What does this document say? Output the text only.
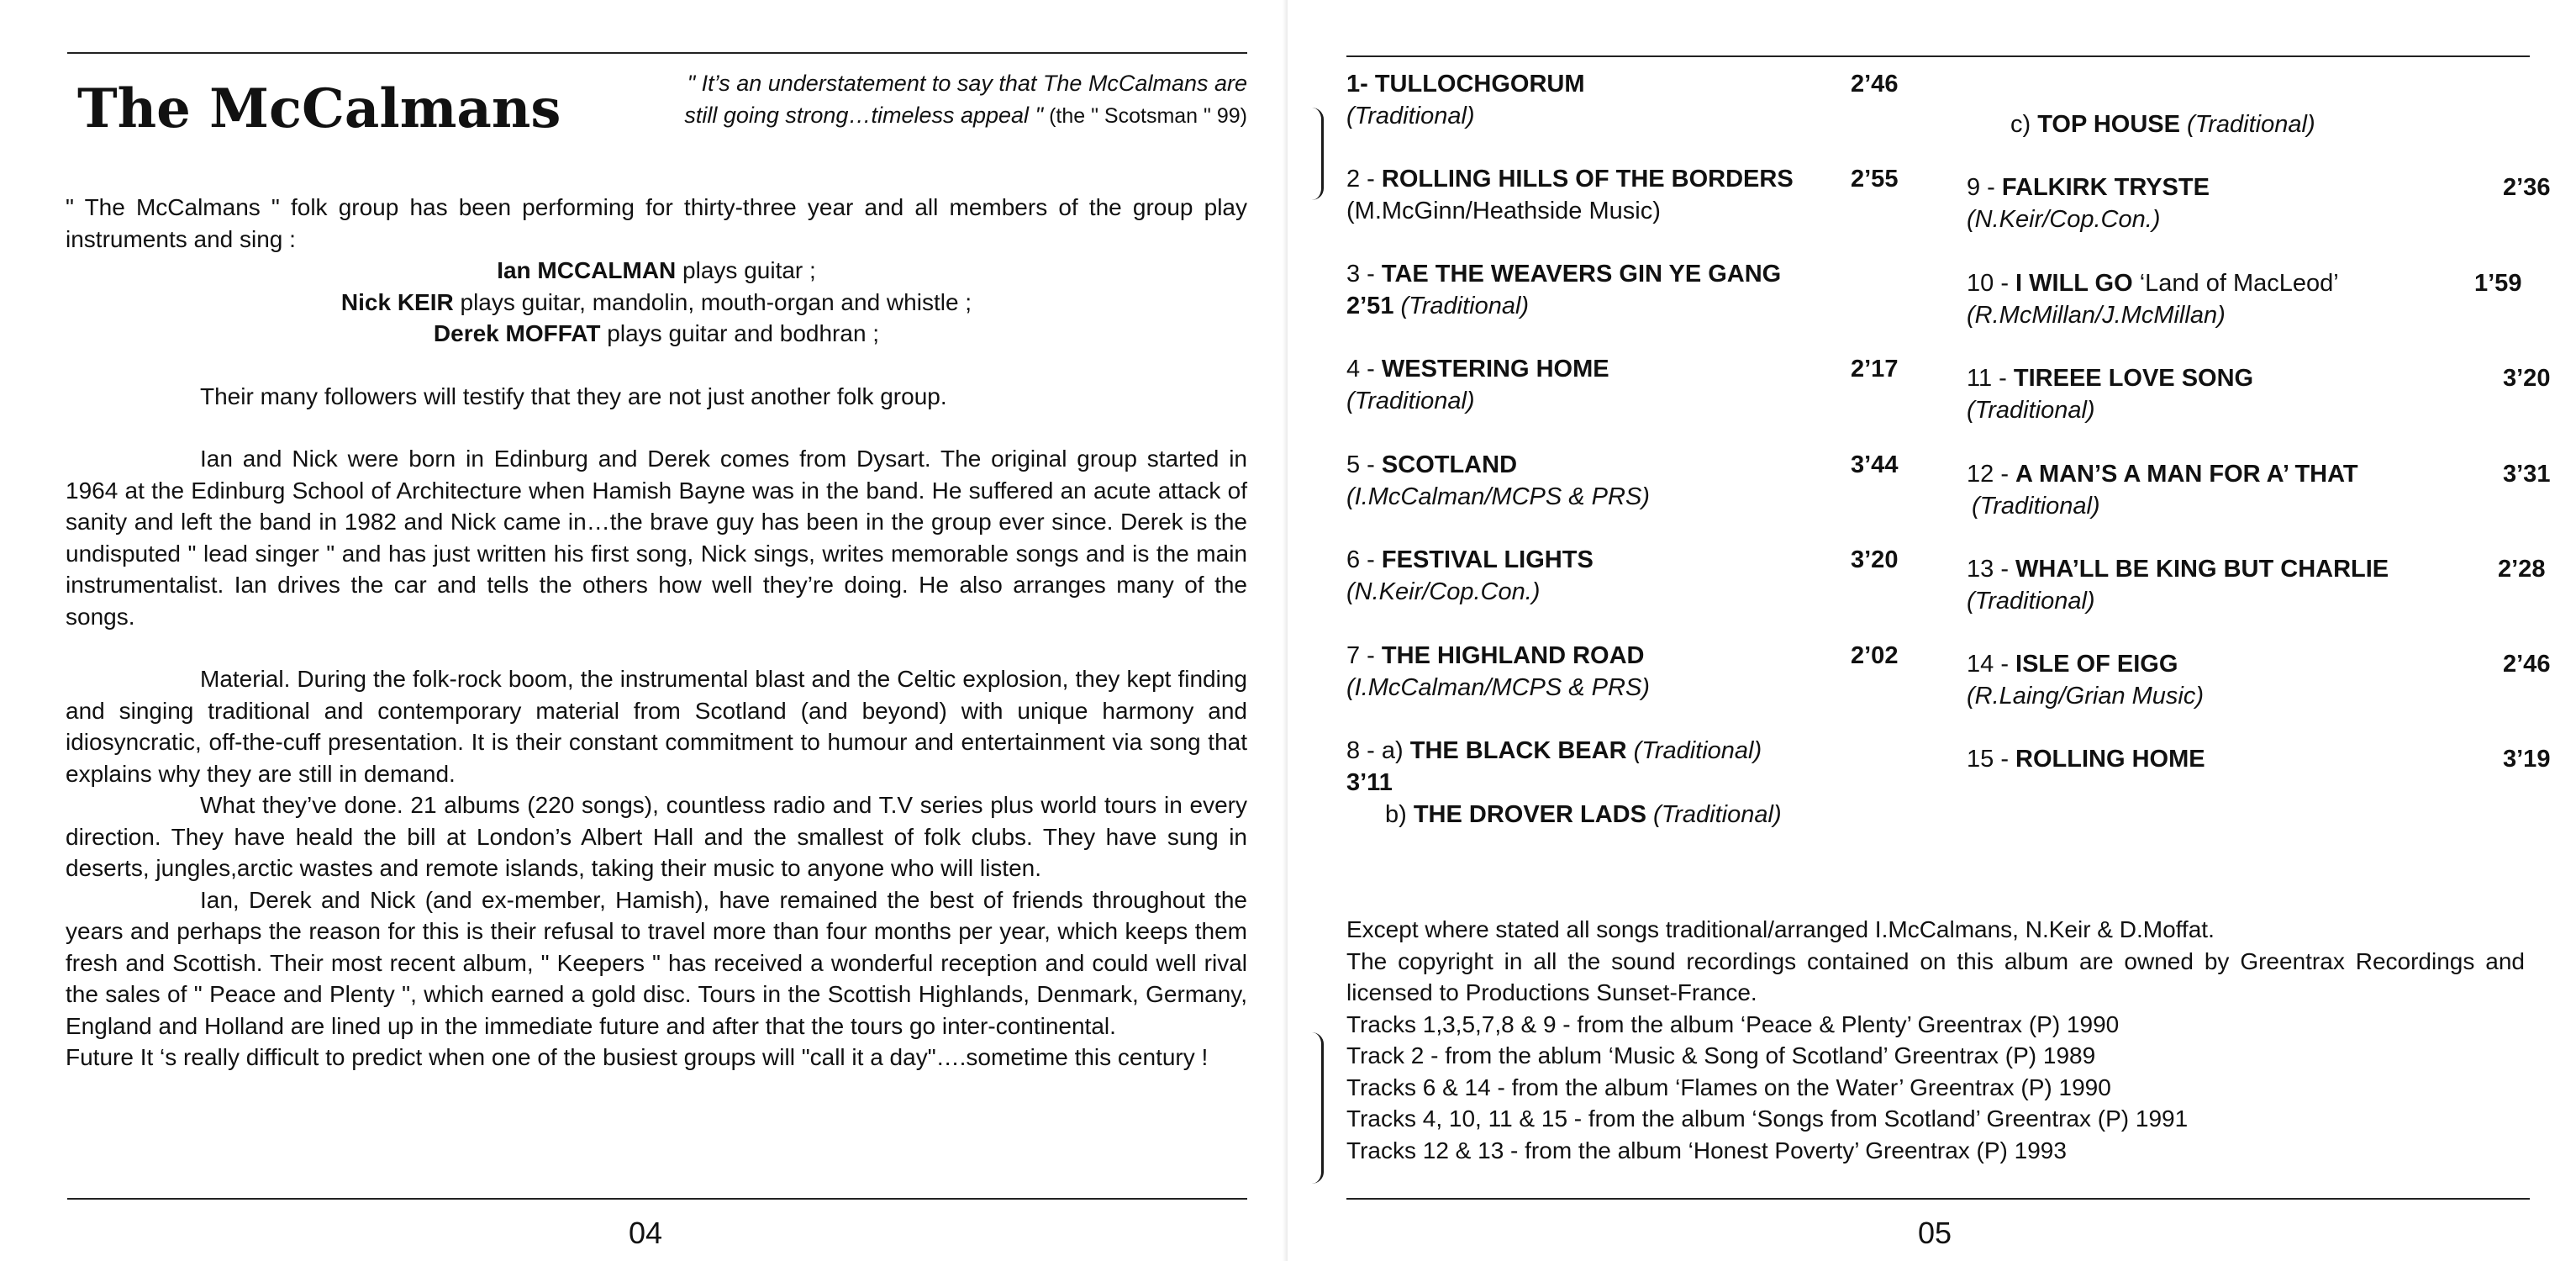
The McCalmans	" It’s an understatement to say that The McCalmans are
still going strong…timeless appeal " (the " Scotsman " 99)

" The McCalmans " folk group has been performing for thirty-three year and all members of the group play instruments and sing :

Ian MCCALMAN plays guitar ;
Nick KEIR plays guitar, mandolin, mouth-organ and whistle ;
Derek MOFFAT plays guitar and bodhran ;

Their many followers will testify that they are not just another folk group.

Ian and Nick were born in Edinburg and Derek comes from Dysart. The original group started in 1964 at the Edinburg School of Architecture when Hamish Bayne was in the band. He suffered an acute attack of sanity and left the band in 1982 and Nick came in…the brave guy has been in the group ever since. Derek is the undisputed " lead singer " and has just written his first song, Nick sings, writes memorable songs and is the main instrumentalist. Ian drives the car and tells the others how well they’re doing. He also arranges many of the songs.

Material. During the folk-rock boom, the instrumental blast and the Celtic explosion, they kept finding and singing traditional and contemporary material from Scotland (and beyond) with unique harmony and idiosyncratic, off-the-cuff presentation. It is their constant commitment to humour and entertainment via song that explains why they are still in demand.

What they’ve done. 21 albums (220 songs), countless radio and T.V series plus world tours in every direction. They have heald the bill at London’s Albert Hall and the smallest of folk clubs. They have sung in deserts, jungles,arctic wastes and remote islands, taking their music to anyone who will listen.

Ian, Derek and Nick (and ex-member, Hamish), have remained the best of friends throughout the years and perhaps the reason for this is their refusal to travel more than four months per year, which keeps them fresh and Scottish. Their most recent album, " Keepers " has received a wonderful reception and could well rival the sales of " Peace and Plenty ", which earned a gold disc. Tours in the Scottish Highlands, Denmark, Germany, England and Holland are lined up in the immediate future and after that the tours go inter-continental.

Future It ‘s really difficult to predict when one of the busiest groups will "call it a day"….sometime this century !

04
1- TULLOCHGORUM
(Traditional)
2’46
2 - ROLLING HILLS OF THE BORDERS
(M.McGinn/Heathside Music)
2’55
3 - TAE THE WEAVERS GIN YE GANG
2’51 (Traditional)
4 - WESTERING HOME
(Traditional)
2’17
5 - SCOTLAND
(I.McCalman/MCPS & PRS)
3’44
6 - FESTIVAL LIGHTS
(N.Keir/Cop.Con.)
3’20
7 - THE HIGHLAND ROAD
(I.McCalman/MCPS & PRS)
2’02
8 - a) THE BLACK BEAR (Traditional)
3’11
b) THE DROVER LADS (Traditional)
c) TOP HOUSE (Traditional)
9 - FALKIRK TRYSTE
(N.Keir/Cop.Con.)
2’36
10 - I WILL GO ‘Land of MacLeod’
(R.McMillan/J.McMillan)
1’59
11 - TIREEE LOVE SONG
(Traditional)
3’20
12 - A MAN’S A MAN FOR A’ THAT
(Traditional)
3’31
13 - WHA’LL BE KING BUT CHARLIE
(Traditional)
2’28
14 - ISLE OF EIGG
(R.Laing/Grian Music)
2’46
15 - ROLLING HOME	3’19

Except where stated all songs traditional/arranged I.McCalmans, N.Keir & D.Moffat.

The copyright in all the sound recordings contained on this album are owned by Greentrax Recordings and licensed to Productions Sunset-France.

Tracks 1,3,5,7,8 & 9 - from the album ‘Peace & Plenty’ Greentrax (P) 1990

Track 2 - from the ablum ‘Music & Song of Scotland’ Greentrax (P) 1989

Tracks 6 & 14 - from the album ‘Flames on the Water’ Greentrax (P) 1990

Tracks 4, 10, 11 & 15 - from the album ‘Songs from Scotland’ Greentrax (P) 1991

Tracks 12 & 13 - from the album ‘Honest Poverty’ Greentrax (P) 1993

05
